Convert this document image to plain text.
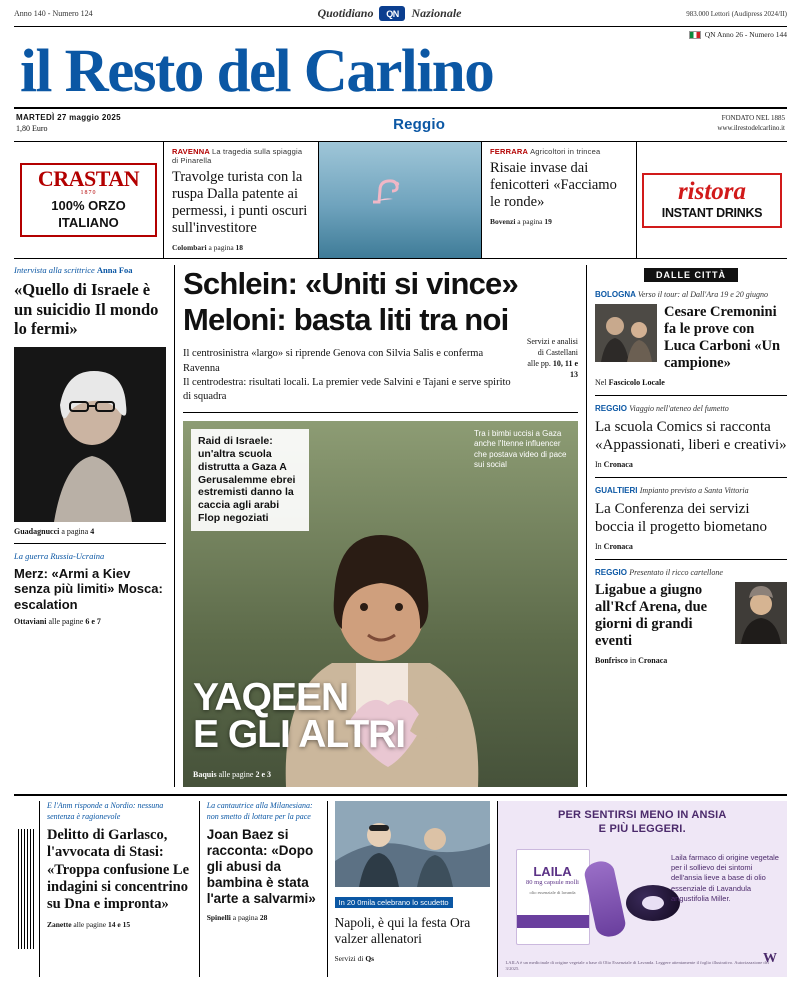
Anno 140 - Numero 124	Quotidiano	QN	Nazionale	983.000 Lettori (Audipress 2024/II)
QN Anno 26 - Numero 144
il Resto del Carlino
MARTEDÌ 27 maggio 2025
1,80 Euro	Reggio	FONDATO NEL 1885
www.ilrestodelcarlino.it
CRASTAN
1870
100% ORZO
ITALIANO
RAVENNA La tragedia sulla spiaggia di Pinarella
Travolge turista con la ruspa Dalla patente ai permessi, i punti oscuri sull'investitore
Colombari a pagina 18
FERRARA Agricoltori in trincea
Risaie invase dai fenicotteri «Facciamo le ronde»
Bovenzi a pagina 19
ristora
INSTANT DRINKS
Intervista alla scrittrice Anna Foa
«Quello di Israele è un suicidio Il mondo lo fermi»
Guadagnucci a pagina 4
La guerra Russia-Ucraina
Merz: «Armi a Kiev senza più limiti» Mosca: escalation
Ottaviani alle pagine 6 e 7
Schlein: «Uniti si vince»
Meloni: basta liti tra noi
Il centrosinistra «largo» si riprende Genova con Silvia Salis e conferma Ravenna
Il centrodestra: risultati locali. La premier vede Salvini e Tajani e serve spirito di squadra
Servizi e analisi
di Castellani
alle pp. 10, 11 e 13
Raid di Israele: un'altra scuola distrutta a Gaza A Gerusalemme ebrei estremisti danno la caccia agli arabi Flop negoziati
Tra i bimbi uccisi a Gaza anche l'Itenne influencer che postava video di pace sui social
YAQEEN
E GLI ALTRI
Baquis alle pagine 2 e 3
DALLE CITTÀ
BOLOGNA Verso il tour: al Dall'Ara 19 e 20 giugno
Cesare Cremonini fa le prove con Luca Carboni «Un campione»
Nel Fascicolo Locale
REGGIO Viaggio nell'ateneo del fumetto
La scuola Comics si racconta «Appassionati, liberi e creativi»
In Cronaca
GUALTIERI Impianto previsto a Santa Vittoria
La Conferenza dei servizi boccia il progetto biometano
In Cronaca
REGGIO Presentato il ricco cartellone
Ligabue a giugno all'Rcf Arena, due giorni di grandi eventi
Bonfrisco in Cronaca
E l'Anm risponde a Nordio: nessuna sentenza è ragionevole
Delitto di Garlasco, l'avvocata di Stasi: «Troppa confusione Le indagini si concentrino su Dna e impronta»
Zanette alle pagine 14 e 15
La cantautrice alla Milanesiana: non smetto di lottare per la pace
Joan Baez si racconta: «Dopo gli abusi da bambina è stata l'arte a salvarmi»
Spinelli a pagina 28
In 20 0mila celebrano lo scudetto
Napoli, è qui la festa Ora valzer allenatori
Servizi di Qs
PER SENTIRSI MENO IN ANSIA
E PIÙ LEGGERI.
LAILA
80 mg capsule molli
olio essenziale di lavanda
Laila farmaco di origine vegetale per il sollievo dei sintomi dell'ansia lieve a base di olio essenziale di Lavandula angustifolia Miller.
LAILA è un medicinale di origine vegetale a base di Olio Essenziale di Lavanda. Leggere attentamente il foglio illustrativo. Autorizzazione del 3/2025.
W
